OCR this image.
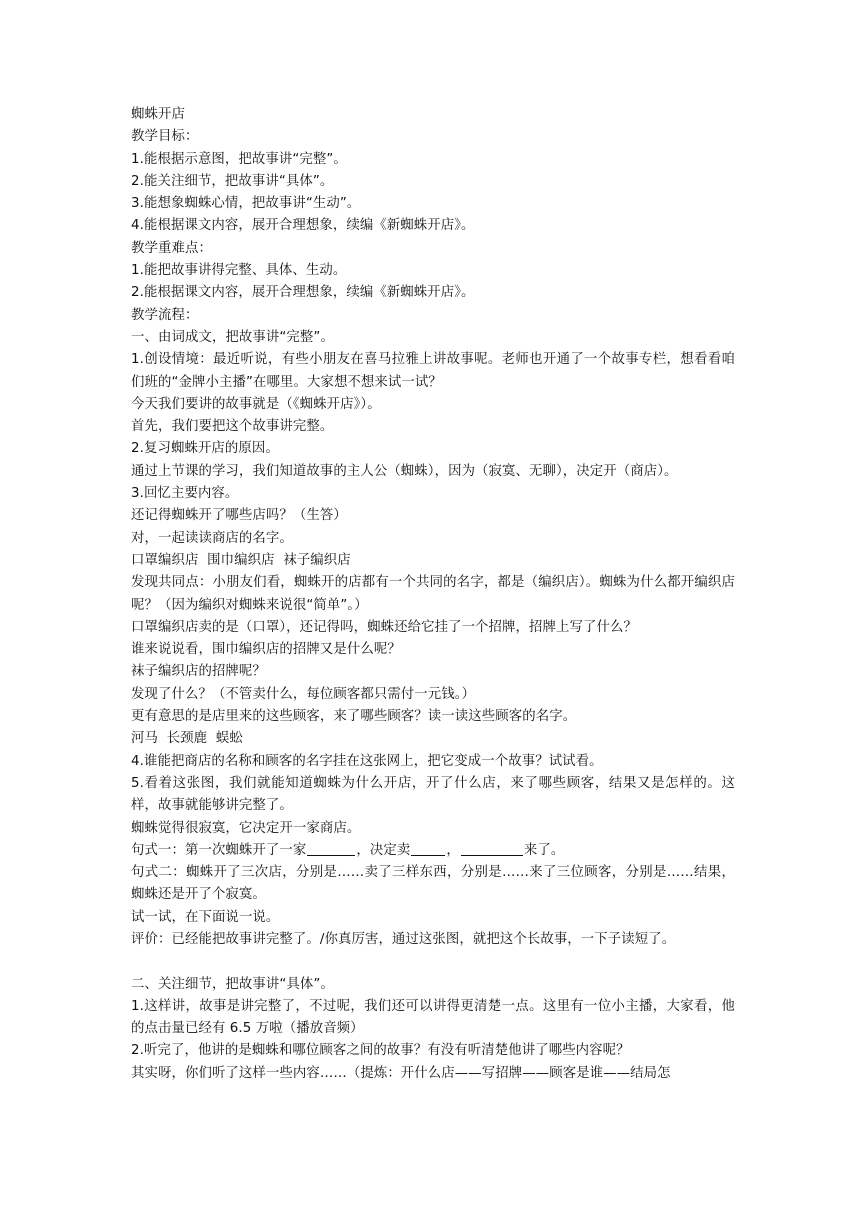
蜘蛛开店
教学目标：
1.能根据示意图，把故事讲“完整”。
2.能关注细节，把故事讲“具体”。
3.能想象蜘蛛心情，把故事讲“生动”。
4.能根据课文内容，展开合理想象，续编《新蜘蛛开店》。
教学重难点：
1.能把故事讲得完整、具体、生动。
2.能根据课文内容，展开合理想象，续编《新蜘蛛开店》。
教学流程：
一、由词成文，把故事讲“完整”。
1.创设情境：最近听说，有些小朋友在喜马拉雅上讲故事呢。老师也开通了一个故事专栏，想看看咱们班的“金牌小主播”在哪里。大家想不想来试一试？
今天我们要讲的故事就是（《蜘蛛开店》）。
首先，我们要把这个故事讲完整。
2.复习蜘蛛开店的原因。
通过上节课的学习，我们知道故事的主人公（蜘蛛），因为（寂寞、无聊），决定开（商店）。
3.回忆主要内容。
还记得蜘蛛开了哪些店吗？（生答）
对，一起读读商店的名字。
口罩编织店  围巾编织店  袜子编织店
发现共同点：小朋友们看，蜘蛛开的店都有一个共同的名字，都是（编织店）。蜘蛛为什么都开编织店呢？（因为编织对蜘蛛来说很“简单”。）
口罩编织店卖的是（口罩），还记得吗，蜘蛛还给它挂了一个招牌，招牌上写了什么？
谁来说说看，围巾编织店的招牌又是什么呢？
袜子编织店的招牌呢？
发现了什么？（不管卖什么，每位顾客都只需付一元钱。）
更有意思的是店里来的这些顾客，来了哪些顾客？读一读这些顾客的名字。
河马  长颈鹿  蜈蚣
4.谁能把商店的名称和顾客的名字挂在这张网上，把它变成一个故事？试试看。
5.看着这张图，我们就能知道蜘蛛为什么开店，开了什么店，来了哪些顾客，结果又是怎样的。这样，故事就能够讲完整了。
蜘蛛觉得很寂寞，它决定开一家商店。
句式一：第一次蜘蛛开了一家	，决定卖	，	来了。
句式二：蜘蛛开了三次店，分别是……卖了三样东西，分别是……来了三位顾客，分别是……结果，蜘蛛还是开了个寂寞。
试一试，在下面说一说。
评价：已经能把故事讲完整了。/你真厉害，通过这张图，就把这个长故事，一下子读短了。
二、关注细节，把故事讲“具体”。
1.这样讲，故事是讲完整了，不过呢，我们还可以讲得更清楚一点。这里有一位小主播，大家看，他的点击量已经有 6.5 万啦（播放音频）
2.听完了，他讲的是蜘蛛和哪位顾客之间的故事？有没有听清楚他讲了哪些内容呢？
其实呀，你们听了这样一些内容……（提炼：开什么店——写招牌——顾客是谁——结局怎
